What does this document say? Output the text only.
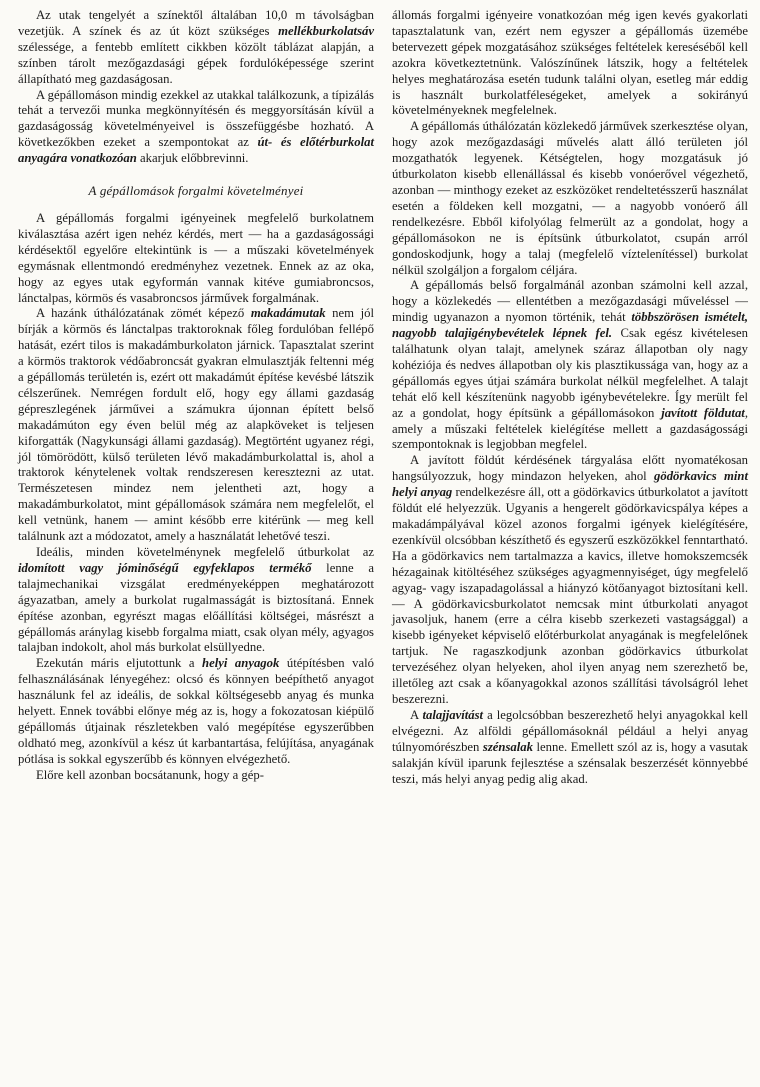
Az utak tengelyét a színektől általában 10,0 m távolságban vezetjük. A színek és az út közt szükséges mellékburkolatsáv szélessége, a fentebb említett cikkben közölt táblázat alapján, a színben tárolt mezőgazdasági gépek fordulóképessége szerint állapítható meg gazdaságosan.

A gépállomáson mindig ezekkel az utakkal találkozunk, a típizálás tehát a tervezői munka megkönnyítésén és meggyorsításán kívül a gazdaságosság követelményeivel is összefüggésbe hozható. A következőkben ezeket a szempontokat az út- és előtérburkolat anyagára vonatkozóan akarjuk előbbrevinni.

A gépállomások forgalmi követelményei

A gépállomás forgalmi igényeinek megfelelő burkolatnem kiválasztása azért igen nehéz kérdés, mert — ha a gazdaságossági kérdésektől egyelőre eltekintünk is — a műszaki követelmények egymásnak ellentmondó eredményhez vezetnek. Ennek az az oka, hogy az egyes utak egyformán vannak kitéve gumiabroncsos, lánctalpas, körmös és vasabroncsos járművek forgalmának.

A hazánk úthálózatának zömét képező makadámutak nem jól bírják a körmös és lánctalpas traktoroknak főleg fordulóban fellépő hatását, ezért tilos is makadámburkolaton járnick. Tapasztalat szerint a körmös traktorok védőabroncsát gyakran elmulasztják feltenni még a gépállomás területén is, ezért ott makadámút építése kevésbé látszik célszerűnek. Nemrégen fordult elő, hogy egy állami gazdaság gépreszlegének járművei a számukra újonnan épített belső makadámúton egy éven belül még az alapköveket is teljesen kiforgatták (Nagykunsági állami gazdaság). Megtörtént ugyanez régi, jól tömörödött, külső területen lévő makadámburkolattal is, ahol a traktorok kénytelenek voltak rendszeresen keresztezni az utat. Természetesen mindez nem jelentheti azt, hogy a makadámburkolatot, mint gépállomások számára nem megfelelőt, el kell vetnünk, hanem — amint később erre kitérünk — meg kell találnunk azt a módozatot, amely a használatát lehetővé teszi.

Ideális, minden követelménynek megfelelő útburkolat az idomított vagy jóminőségű egyfeklapos termékő lenne a talajmechanikai vizsgálat eredményeképpen meghatározott ágyazatban, amely a burkolat rugalmasságát is biztosítaná. Ennek építése azonban, egyrészt magas előállítási költségei, másrészt a gépállomás aránylag kisebb forgalma miatt, csak olyan mély, agyagos talajban indokolt, ahol más burkolat elsüllyedne.

Ezekután máris eljutottunk a helyi anyagok útépítésben való felhasználásának lényegéhez: olcsó és könnyen beépíthető anyagot használunk fel az ideális, de sokkal költségesebb anyag és munka helyett. Ennek további előnye még az is, hogy a fokozatosan kiépülő gépállomás útjainak részletekben való megépítése egyszerűbben oldható meg, azonkívül a kész út karbantartása, felújítása, anyagának pótlása is sokkal egyszerűbb és könnyen elvégezhető.

Előre kell azonban bocsátanunk, hogy a gép-

állomás forgalmi igényeire vonatkozóan még igen kevés gyakorlati tapasztalatunk van, ezért nem egyszer a gépállomás üzemébe betervezett gépek mozgatásához szükséges feltételek kereséséből kell azokra következtetnünk. Valószínűnek látszik, hogy a feltételek helyes meghatározása esetén tudunk találni olyan, esetleg már eddig is használt burkolatféleségeket, amelyek a sokirányú követelményeknek megfelelnek.

A gépállomás úthálózatán közlekedő járművek szerkesztése olyan, hogy azok mezőgazdasági művelés alatt álló területen jól mozgathatók legyenek. Kétségtelen, hogy mozgatásuk jó útburkolaton kisebb ellenállással és kisebb vonóerővel végezhető, azonban — minthogy ezeket az eszközöket rendeltetésszerű használat esetén a földeken kell mozgatni, — a nagyobb vonóerő áll rendelkezésre. Ebből kifolyólag felmerült az a gondolat, hogy a gépállomásokon ne is építsünk útburkolatot, csupán arról gondoskodjunk, hogy a talaj (megfelelő víztelenítéssel) burkolat nélkül szolgáljon a forgalom céljára.

A gépállomás belső forgalmánál azonban számolni kell azzal, hogy a közlekedés — ellentétben a mezőgazdasági műveléssel — mindig ugyanazon a nyomon történik, tehát többszörösen ismételt, nagyobb talajigénybevételek lépnek fel. Csak egész kivételesen találhatunk olyan talajt, amelynek száraz állapotban oly nagy kohéziója és nedves állapotban oly kis plasztikussága van, hogy az a gépállomás egyes útjai számára burkolat nélkül megfelelhet. A talajt tehát elő kell készítenünk nagyobb igénybevételekre. Így merült fel az a gondolat, hogy építsünk a gépállomásokon javított földutat, amely a műszaki feltételek kielégítése mellett a gazdaságossági szempontoknak is legjobban megfelel.

A javított földút kérdésének tárgyalása előtt nyomatékosan hangsúlyozzuk, hogy mindazon helyeken, ahol gödörkavics mint helyi anyag rendelkezésre áll, ott a gödörkavics útburkolatot a javított földút elé helyezzük. Ugyanis a hengerelt gödörkavicspálya képes a makadámpályával közel azonos forgalmi igények kielégítésére, ezenkívül olcsóbban készíthető és egyszerű eszközökkel fenntartható. Ha a gödörkavics nem tartalmazza a kavics, illetve homokszemcsék hézagainak kitöltéséhez szükséges agyagmennyiséget, úgy megfelelő agyag- vagy iszapadagolással a hiányzó kötőanyagot biztosítani kell. — A gödörkavicsburkolatot nemcsak mint útburkolati anyagot javasoljuk, hanem (erre a célra kisebb szerkezeti vastagsággal) a kisebb igényeket képviselő előtérburkolat anyagának is megfelelőnek tartjuk. Ne ragaszkodjunk azonban gödörkavics útburkolat tervezéséhez olyan helyeken, ahol ilyen anyag nem szerezhető be, illetőleg azt csak a kőanyagokkal azonos szállítási távolságról lehet beszerezni.

A talajjavítást a legolcsóbban beszerezhető helyi anyagokkal kell elvégezni. Az alföldi gépállomásoknál például a helyi anyag túlnyomórészben szénsalak lenne. Emellett szól az is, hogy a vasutak salakján kívül iparunk fejlesztése a szénsalak beszerzését könnyebbé teszi, más helyi anyag pedig alig akad.
